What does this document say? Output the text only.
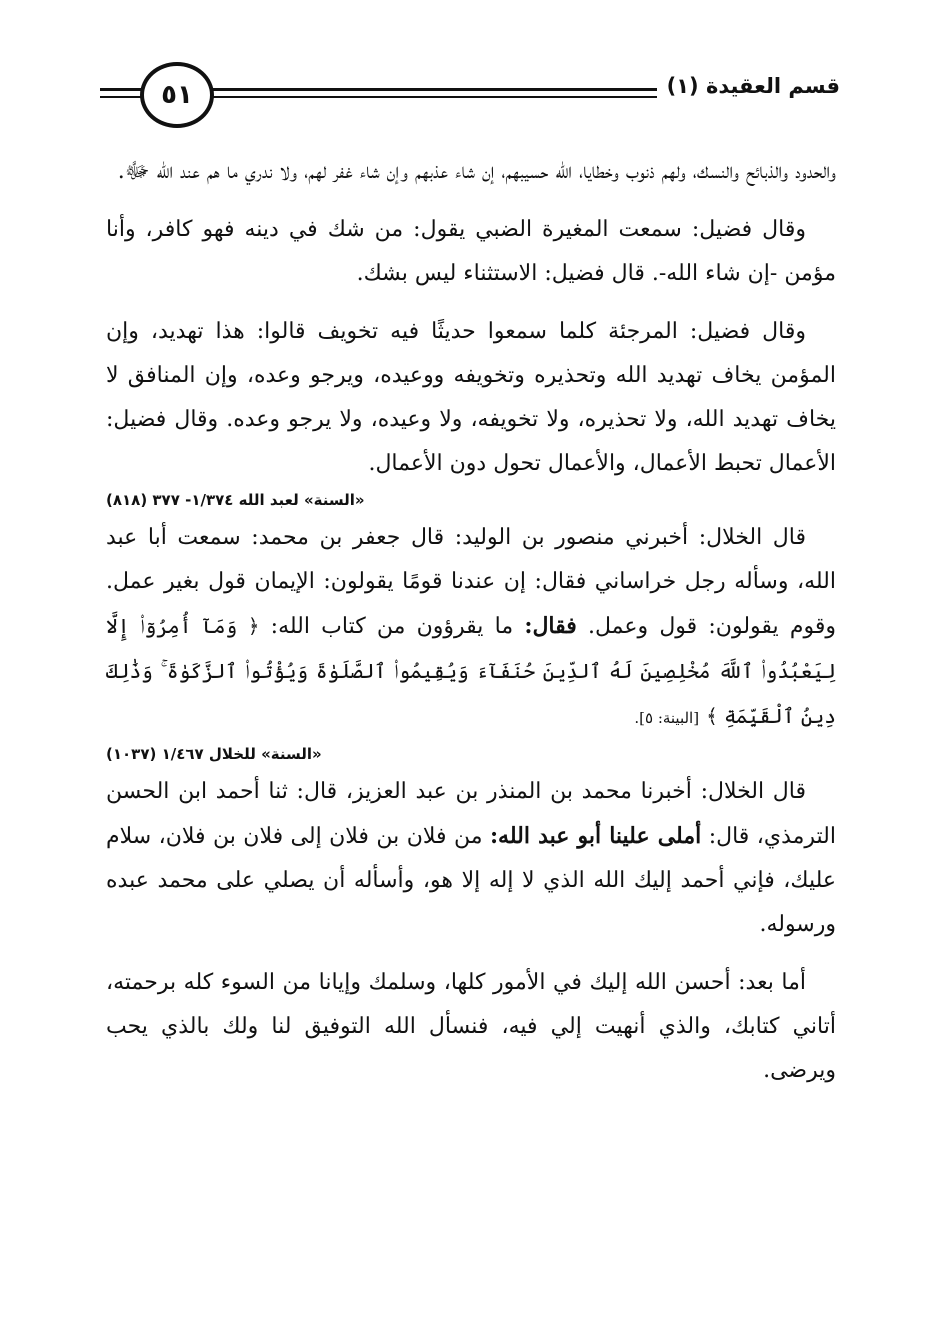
٥١	قسم العقيدة (١)

والحدود والذبائح والنسك، ولهم ذنوب وخطايا، الله حسيبهم، إن شاء عذبهم وإن شاء غفر لهم، ولا ندري ما هم عند الله ﷻ.

وقال فضيل: سمعت المغيرة الضبي يقول: من شك في دينه فهو كافر، وأنا مؤمن -إن شاء الله-. قال فضيل: الاستثناء ليس بشك.

وقال فضيل: المرجئة كلما سمعوا حديثًا فيه تخويف قالوا: هذا تهديد، وإن المؤمن يخاف تهديد الله وتحذيره وتخويفه ووعيده، ويرجو وعده، وإن المنافق لا يخاف تهديد الله، ولا تحذيره، ولا تخويفه، ولا وعيده، ولا يرجو وعده. وقال فضيل: الأعمال تحبط الأعمال، والأعمال تحول دون الأعمال.

«السنة» لعبد الله ١/٣٧٤- ٣٧٧ (٨١٨)

قال الخلال: أخبرني منصور بن الوليد: قال جعفر بن محمد: سمعت أبا عبد الله، وسأله رجل خراساني فقال: إن عندنا قومًا يقولون: الإيمان قول بغير عمل. وقوم يقولون: قول وعمل. فقال: ما يقرؤون من كتاب الله: ﴿ وَمَآ أُمِرُوٓا۟ إِلَّا لِيَعْبُدُوا۟ ٱللَّهَ مُخْلِصِينَ لَهُ ٱلدِّينَ حُنَفَآءَ وَيُقِيمُوا۟ ٱلصَّلَوٰةَ وَيُؤْتُوا۟ ٱلزَّكَوٰةَ ۚ وَذَٰلِكَ دِينُ ٱلْقَيِّمَةِ ﴾ [البينة: ٥].

«السنة» للخلال ١/٤٦٧ (١٠٣٧)

قال الخلال: أخبرنا محمد بن المنذر بن عبد العزيز، قال: ثنا أحمد ابن الحسن الترمذي، قال: أملى علينا أبو عبد الله: من فلان بن فلان إلى فلان بن فلان، سلام عليك، فإني أحمد إليك الله الذي لا إله إلا هو، وأسأله أن يصلي على محمد عبده ورسوله.

أما بعد: أحسن الله إليك في الأمور كلها، وسلمك وإيانا من السوء كله برحمته، أتاني كتابك، والذي أنهيت إلي فيه، فنسأل الله التوفيق لنا ولك بالذي يحب ويرضى.
